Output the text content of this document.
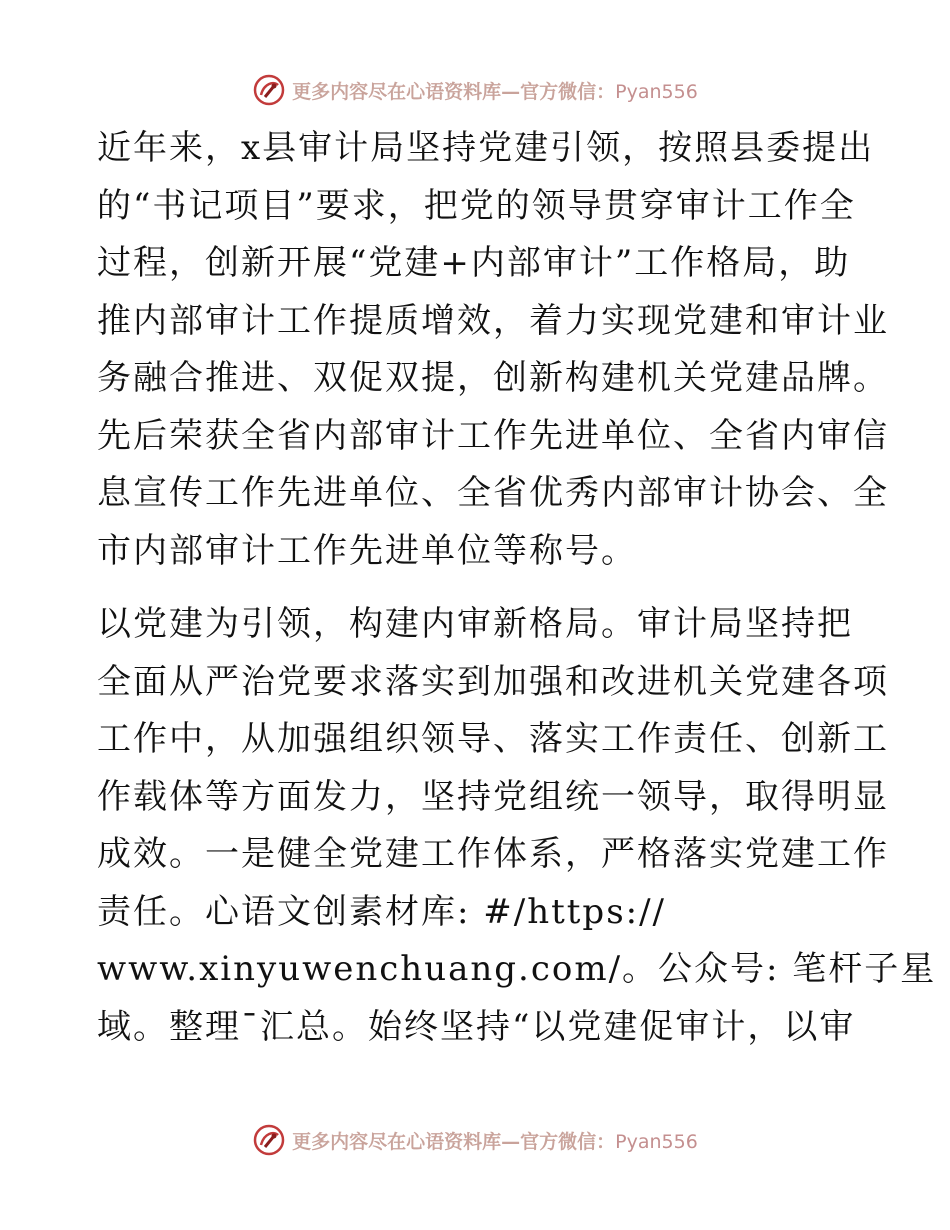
更多内容尽在心语资料库—官方微信：Pyan556

近年来，x县审计局坚持党建引领，按照县委提出
的“书记项目”要求，把党的领导贯穿审计工作全
过程，创新开展“党建+内部审计”工作格局，助
推内部审计工作提质增效，着力实现党建和审计业
务融合推进、双促双提，创新构建机关党建品牌。
先后荣获全省内部审计工作先进单位、全省内审信
息宣传工作先进单位、全省优秀内部审计协会、全
市内部审计工作先进单位等称号。

以党建为引领，构建内审新格局。审计局坚持把
全面从严治党要求落实到加强和改进机关党建各项
工作中，从加强组织领导、落实工作责任、创新工
作载体等方面发力，坚持党组统一领导，取得明显
成效。一是健全党建工作体系，严格落实党建工作
责任。心语文创素材库: #/https://
www.xinyuwenchuang.com/。公众号: 笔杆子星
域。整理¯汇总。始终坚持“以党建促审计，以审

更多内容尽在心语资料库—官方微信：Pyan556
